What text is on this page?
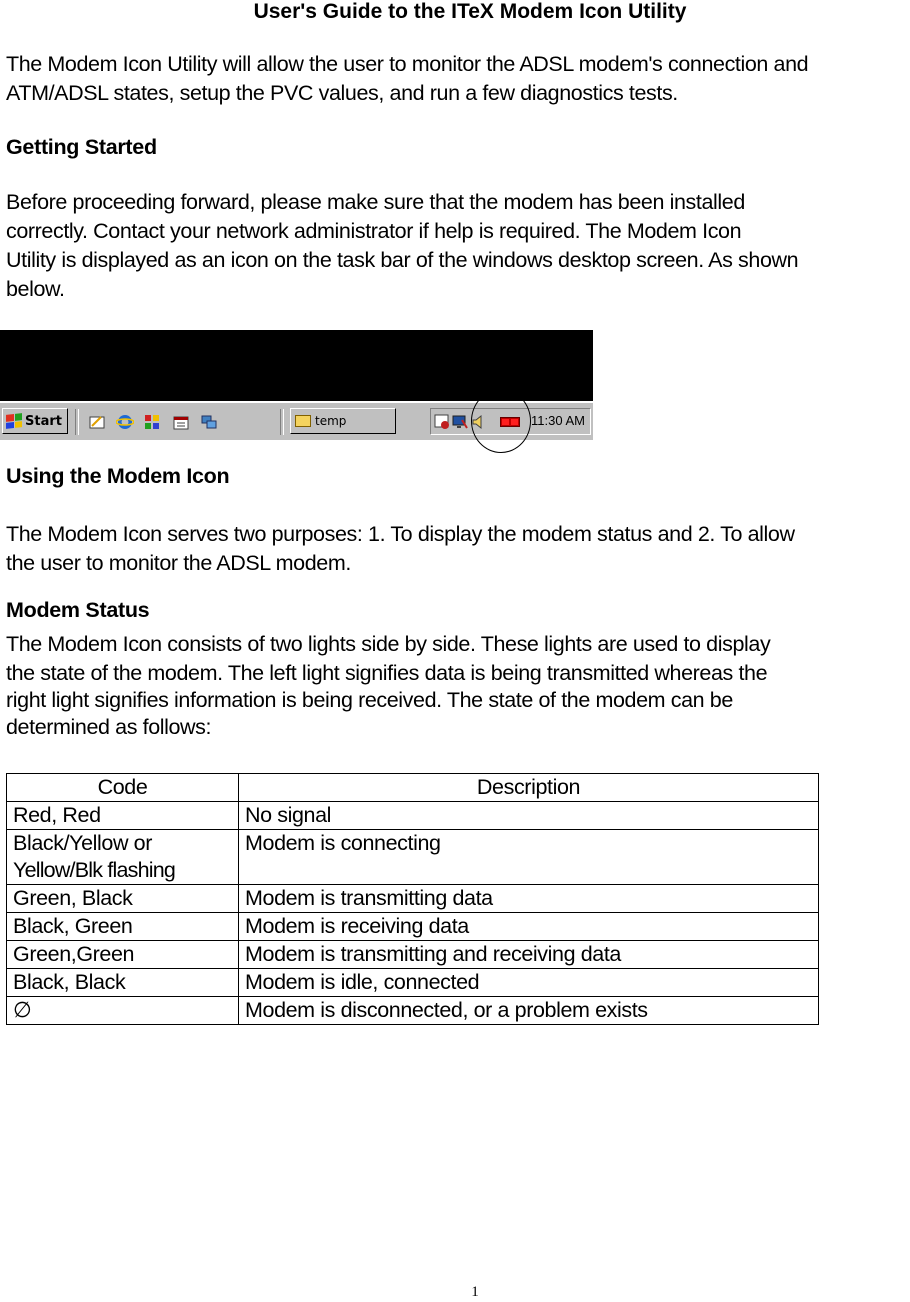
User's Guide to the ITeX Modem Icon Utility
The Modem Icon Utility will allow the user to monitor the ADSL modem's connection and
ATM/ADSL states, setup the PVC values, and run a few diagnostics tests.
Getting Started
Before proceeding forward, please make sure that the modem has been installed
correctly. Contact your network administrator if help is required. The Modem Icon
Utility is displayed as an icon on the task bar of the windows desktop screen. As shown
below.
Start	temp	11:30 AM
Using the Modem Icon
The Modem Icon serves two purposes: 1. To display the modem status and 2. To allow
the user to monitor the ADSL modem.
Modem Status
The Modem Icon consists of two lights side by side. These lights are used to display
the state of the modem. The left light signifies data is being transmitted whereas the
right light signifies information is being received. The state of the modem can be
determined as follows:
Code	Description
Red, Red	No signal

Black/Yellow or
Yellow/Blk flashing	Modem is connecting
Green, Black	Modem is transmitting data
Black, Green	Modem is receiving data
Green,Green	Modem is transmitting and receiving data
Black, Black	Modem is idle, connected
∅	Modem is disconnected, or a problem exists
1
